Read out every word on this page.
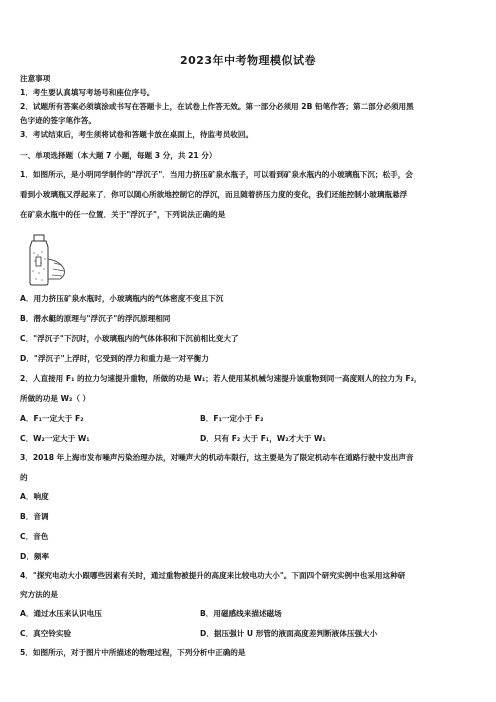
2023年中考物理模似试卷
注意事项
1．考生要认真填写考场号和座位序号。
2．试题所有答案必须填涂或书写在答题卡上，在试卷上作答无效。第一部分必须用 2B 铅笔作答；第二部分必须用黑
色字迹的签字笔作答。
3．考试结束后，考生须将试卷和答题卡放在桌面上，待监考员收回。
一、单项选择题（本大题 7 小题，每题 3 分，共 21 分）
1．如图所示，是小明同学制作的"浮沉子"．当用力挤压矿泉水瓶子，可以看到矿泉水瓶内的小玻璃瓶下沉；松手，会
看到小玻璃瓶又浮起来了．你可以随心所欲地控制它的浮沉，而且随着挤压力度的变化，我们还能控制小玻璃瓶悬浮
在矿泉水瓶中的任一位置．关于"浮沉子"，下列说法正确的是
A．用力挤压矿泉水瓶时，小玻璃瓶内的气体密度不变且下沉
B．潜水艇的原理与"浮沉子"的浮沉原理相同
C．"浮沉子"下沉时，小玻璃瓶内的气体体积和下沉前相比变大了
D．"浮沉子"上浮时，它受到的浮力和重力是一对平衡力
2．人直接用 F₁ 的拉力匀速提升重物，所做的功是 W₁；若人使用某机械匀速提升该重物到同一高度则人的拉力为 F₂，
所做的功是 W₂（ ）
A．F₁一定大于 F₂	B．F₁一定小于 F₂
C．W₂一定大于 W₁	D．只有 F₂ 大于 F₁，W₂才大于 W₁
3．2018 年上海市发布噪声污染治理办法，对噪声大的机动车限行，这主要是为了限定机动车在道路行驶中发出声音
的
A．响度
B．音调
C．音色
D．频率
4．"探究电动大小跟哪些因素有关时，通过重物被提升的高度来比较电功大小"。下面四个研究实例中也采用这种研
究方法的是
A．通过水压来认识电压	B．用磁感线来描述磁场
C．真空铃实验	D．据压强计 U 形管的液面高度差判断液体压强大小
5．如图所示，对于图片中所描述的物理过程，下列分析中正确的是
